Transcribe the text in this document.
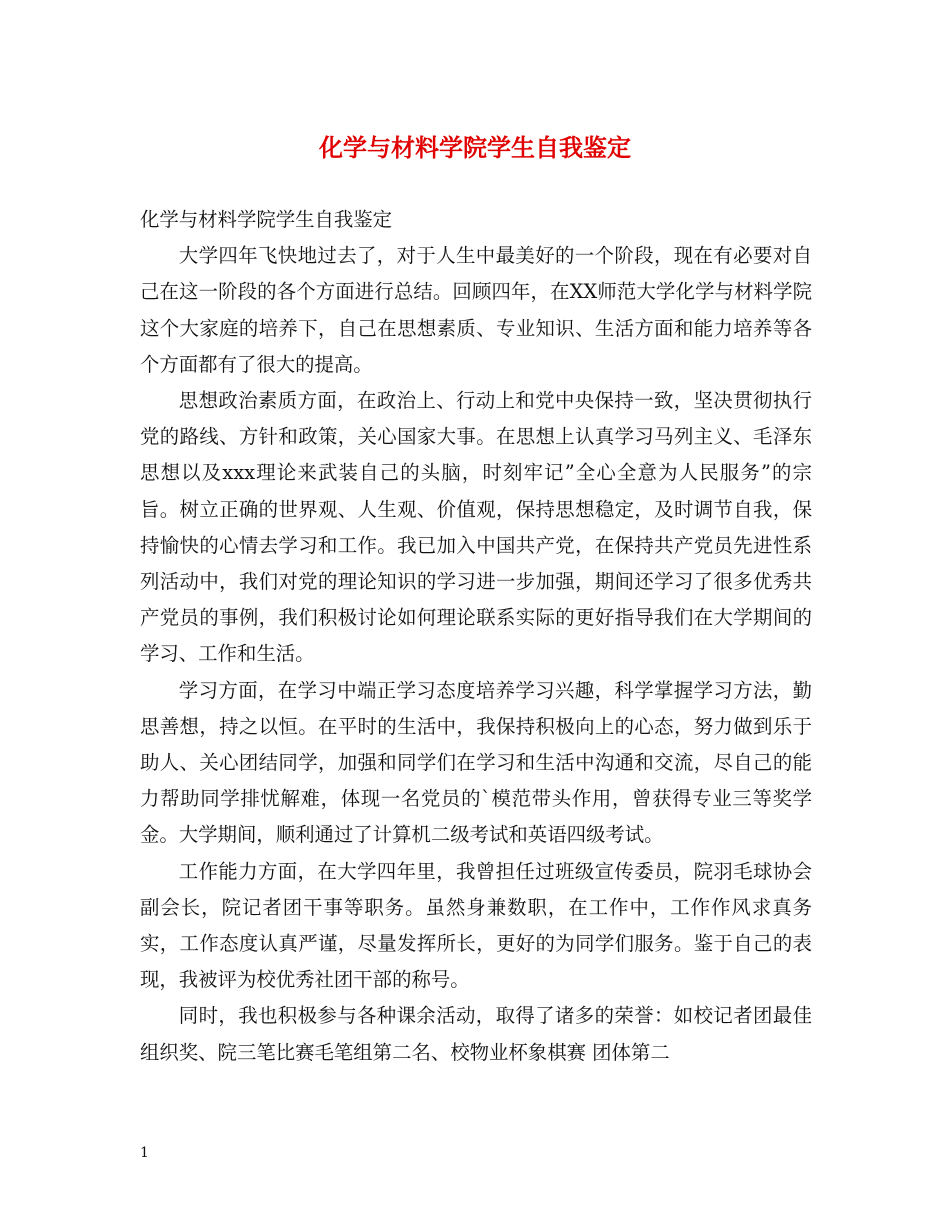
化学与材料学院学生自我鉴定

化学与材料学院学生自我鉴定

大学四年飞快地过去了，对于人生中最美好的一个阶段，现在有必要对自己在这一阶段的各个方面进行总结。回顾四年，在XX师范大学化学与材料学院这个大家庭的培养下，自己在思想素质、专业知识、生活方面和能力培养等各个方面都有了很大的提高。

思想政治素质方面，在政治上、行动上和党中央保持一致，坚决贯彻执行党的路线、方针和政策，关心国家大事。在思想上认真学习马列主义、毛泽东思想以及xxx理论来武装自己的头脑，时刻牢记”全心全意为人民服务”的宗旨。树立正确的世界观、人生观、价值观，保持思想稳定，及时调节自我，保持愉快的心情去学习和工作。我已加入中国共产党，在保持共产党员先进性系列活动中，我们对党的理论知识的学习进一步加强，期间还学习了很多优秀共产党员的事例，我们积极讨论如何理论联系实际的更好指导我们在大学期间的学习、工作和生活。

学习方面，在学习中端正学习态度培养学习兴趣，科学掌握学习方法，勤思善想，持之以恒。在平时的生活中，我保持积极向上的心态，努力做到乐于助人、关心团结同学，加强和同学们在学习和生活中沟通和交流，尽自己的能力帮助同学排忧解难，体现一名党员的`模范带头作用，曾获得专业三等奖学金。大学期间，顺利通过了计算机二级考试和英语四级考试。

工作能力方面，在大学四年里，我曾担任过班级宣传委员，院羽毛球协会副会长，院记者团干事等职务。虽然身兼数职，在工作中，工作作风求真务实，工作态度认真严谨，尽量发挥所长，更好的为同学们服务。鉴于自己的表现，我被评为校优秀社团干部的称号。

同时，我也积极参与各种课余活动，取得了诸多的荣誉：如校记者团最佳组织奖、院三笔比赛毛笔组第二名、校物业杯象棋赛 团体第二

1
